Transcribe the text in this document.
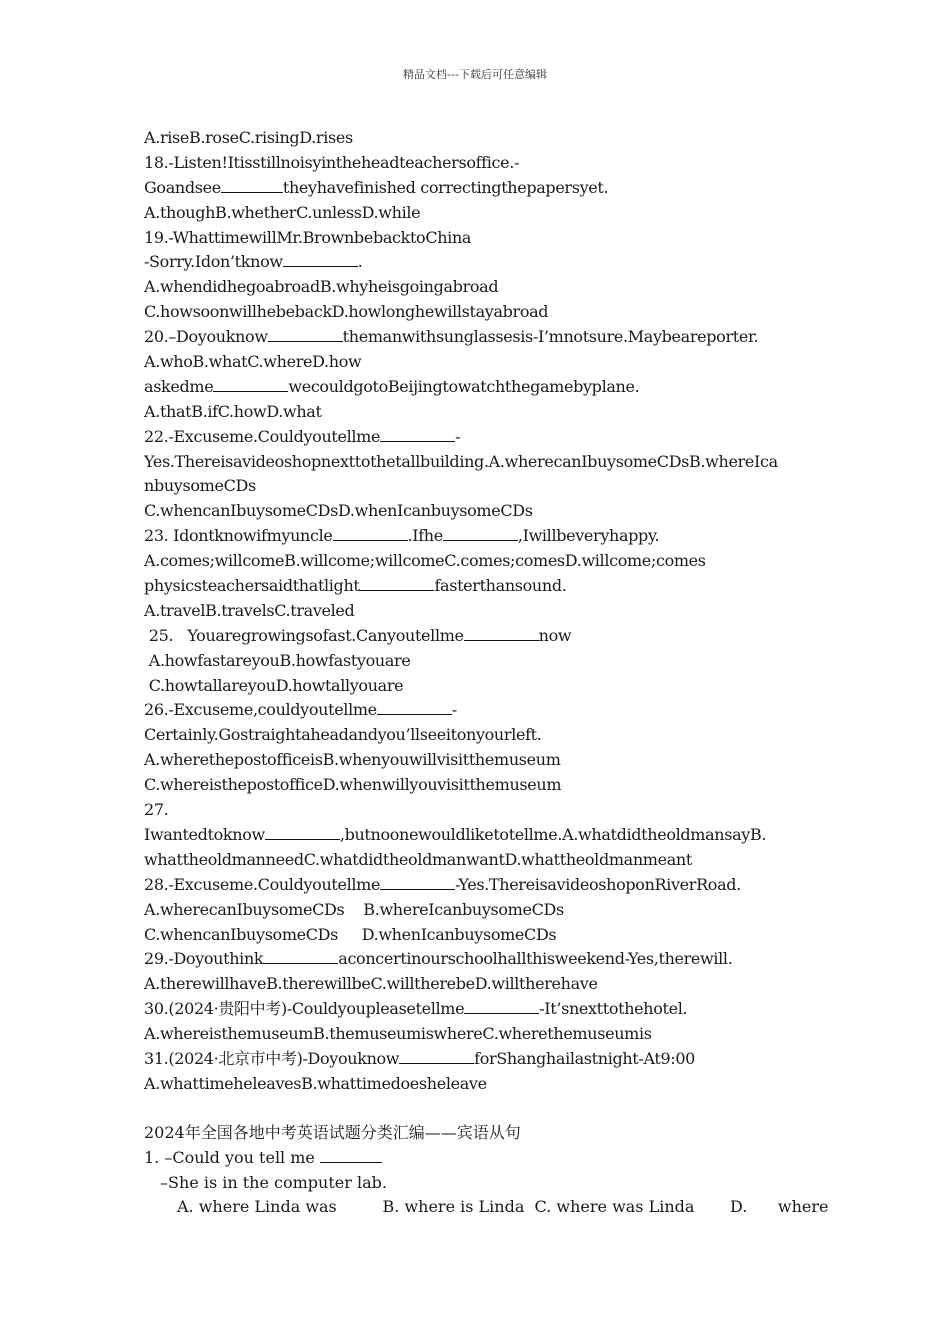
精品文档---下载后可任意编辑
A.riseB.roseC.risingD.rises
18.-Listen!Itisstillnoisyintheheadteachersoffice.-
Goandsee	theyhavefinished correctingthepapersyet.
A.thoughB.whetherC.unlessD.while
19.-WhattimewillMr.BrownbebacktoChina
-Sorry.Idon’tknow	.
A.whendidhegoabroadB.whyheisgoingabroad
C.howsoonwillhebebackD.howlonghewillstayabroad
20.–Doyouknow	themanwithsunglassesis-I’mnotsure.Maybeareporter.
A.whoB.whatC.whereD.how
askedme	wecouldgotoBeijingtowatchthegamebyplane.
A.thatB.ifC.howD.what
22.-Excuseme.Couldyoutellme	-
Yes.Thereisavideoshopnexttothetallbuilding.A.wherecanIbuysomeCDsB.whereIca
nbuysomeCDs
C.whencanIbuysomeCDsD.whenIcanbuysomeCDs
23. Idontknowifmyuncle	.Ifhe	,Iwillbeveryhappy.
A.comes;willcomeB.willcome;willcomeC.comes;comesD.willcome;comes
physicsteachersaidthatlight	fasterthansound.
A.travelB.travelsC.traveled
25.   Youaregrowingsofast.Canyoutellme	now
A.howfastareyouB.howfastyouare
C.howtallareyouD.howtallyouare
26.-Excuseme,couldyoutellme	-
Certainly.Gostraightaheadandyou’llseeitonyourleft.
A.wherethepostofficeisB.whenyouwillvisitthemuseum
C.whereisthepostofficeD.whenwillyouvisitthemuseum
27.
Iwantedtoknow	,butnoonewouldliketotellme.A.whatdidtheoldmansayB.
whattheoldmanneedC.whatdidtheoldmanwantD.whattheoldmanmeant
28.-Excuseme.Couldyoutellme	-Yes.ThereisavideoshoponRiverRoad.
A.wherecanIbuysomeCDs    B.whereIcanbuysomeCDs
C.whencanIbuysomeCDs     D.whenIcanbuysomeCDs
29.-Doyouthink	aconcertinourschoolhallthisweekend-Yes,therewill.
A.therewillhaveB.therewillbeC.willtherebeD.willtherehave
30.(2024·贵阳中考)-Couldyoupleasetellme	-It’snexttothehotel.
A.whereisthemuseumB.themuseumiswhereC.wherethemuseumis
31.(2024·北京市中考)-Doyouknow	forShanghailastnight-At9:00
A.whattimeheleavesB.whattimedoesheleave
2024年全国各地中考英语试题分类汇编——宾语从句
1. –Could you tell me
–She is in the computer lab.
A. where Linda was         B. where is Linda  C. where was Linda       D.      where
